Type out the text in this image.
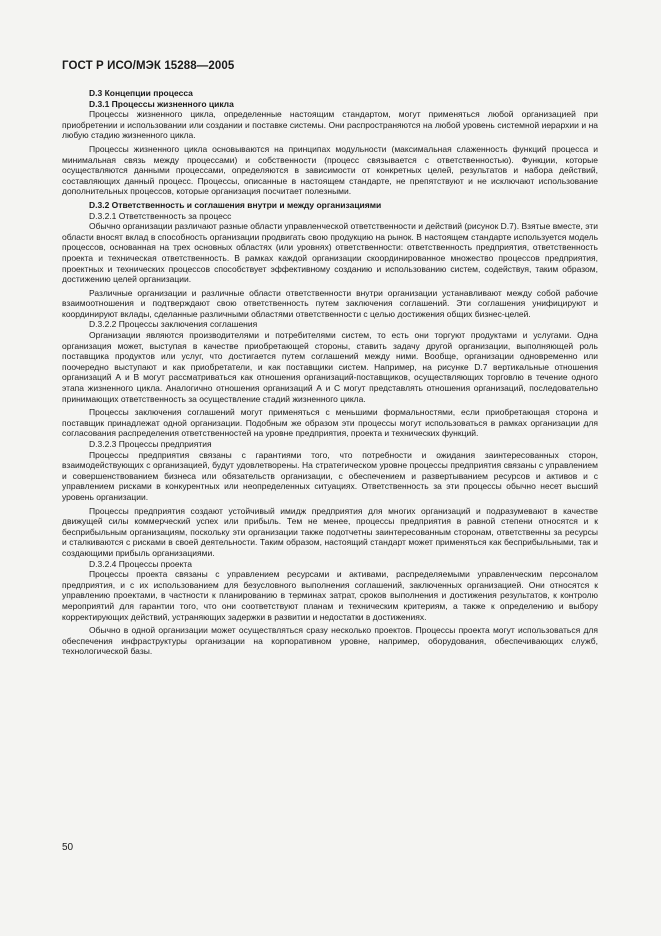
ГОСТ Р ИСО/МЭК 15288—2005

D.3 Концепции процесса

D.3.1 Процессы жизненного цикла

Процессы жизненного цикла, определенные настоящим стандартом, могут применяться любой организацией при приобретении и использовании или создании и поставке системы. Они распространяются на любой уровень системной иерархии и на любую стадию жизненного цикла.

Процессы жизненного цикла основываются на принципах модульности (максимальная слаженность функций процесса и минимальная связь между процессами) и собственности (процесс связывается с ответственностью). Функции, которые осуществляются данными процессами, определяются в зависимости от конкретных целей, результатов и набора действий, составляющих данный процесс. Процессы, описанные в настоящем стандарте, не препятствуют и не исключают использование дополнительных процессов, которые организация посчитает полезными.

D.3.2 Ответственность и соглашения внутри и между организациями

D.3.2.1 Ответственность за процесс

Обычно организации различают разные области управленческой ответственности и действий (рисунок D.7). Взятые вместе, эти области вносят вклад в способность организации продвигать свою продукцию на рынок. В настоящем стандарте используется модель процессов, основанная на трех основных областях (или уровнях) ответственности: ответственность предприятия, ответственность проекта и техническая ответственность. В рамках каждой организации скоординированное множество процессов предприятия, проектных и технических процессов способствует эффективному созданию и использованию систем, содействуя, таким образом, достижению целей организации.

Различные организации и различные области ответственности внутри организации устанавливают между собой рабочие взаимоотношения и подтверждают свою ответственность путем заключения соглашений. Эти соглашения унифицируют и координируют вклады, сделанные различными областями ответственности с целью достижения общих бизнес-целей.

D.3.2.2 Процессы заключения соглашения

Организации являются производителями и потребителями систем, то есть они торгуют продуктами и услугами. Одна организация может, выступая в качестве приобретающей стороны, ставить задачу другой организации, выполняющей роль поставщика продуктов или услуг, что достигается путем соглашений между ними. Вообще, организации одновременно или поочередно выступают и как приобретатели, и как поставщики систем. Например, на рисунке D.7 вертикальные отношения организаций А и В могут рассматриваться как отношения организаций-поставщиков, осуществляющих торговлю в течение одного этапа жизненного цикла. Аналогично отношения организаций А и С могут представлять отношения организаций, последовательно принимающих ответственность за осуществление стадий жизненного цикла.

Процессы заключения соглашений могут применяться с меньшими формальностями, если приобретающая сторона и поставщик принадлежат одной организации. Подобным же образом эти процессы могут использоваться в рамках организации для согласования распределения ответственностей на уровне предприятия, проекта и технических функций.

D.3.2.3 Процессы предприятия

Процессы предприятия связаны с гарантиями того, что потребности и ожидания заинтересованных сторон, взаимодействующих с организацией, будут удовлетворены. На стратегическом уровне процессы предприятия связаны с управлением и совершенствованием бизнеса или обязательств организации, с обеспечением и развертыванием ресурсов и активов и с управлением рисками в конкурентных или неопределенных ситуациях. Ответственность за эти процессы обычно несет высший уровень организации.

Процессы предприятия создают устойчивый имидж предприятия для многих организаций и подразумевают в качестве движущей силы коммерческий успех или прибыль. Тем не менее, процессы предприятия в равной степени относятся и к бесприбыльным организациям, поскольку эти организации также подотчетны заинтересованным сторонам, ответственны за ресурсы и сталкиваются с рисками в своей деятельности. Таким образом, настоящий стандарт может применяться как бесприбыльными, так и создающими прибыль организациями.

D.3.2.4 Процессы проекта

Процессы проекта связаны с управлением ресурсами и активами, распределяемыми управленческим персоналом предприятия, и с их использованием для безусловного выполнения соглашений, заключенных организацией. Они относятся к управлению проектами, в частности к планированию в терминах затрат, сроков выполнения и достижения результатов, к контролю мероприятий для гарантии того, что они соответствуют планам и техническим критериям, а также к определению и выбору корректирующих действий, устраняющих задержки в развитии и недостатки в достижениях.

Обычно в одной организации может осуществляться сразу несколько проектов. Процессы проекта могут использоваться для обеспечения инфраструктуры организации на корпоративном уровне, например, оборудования, обеспечивающих служб, технологической базы.

50
